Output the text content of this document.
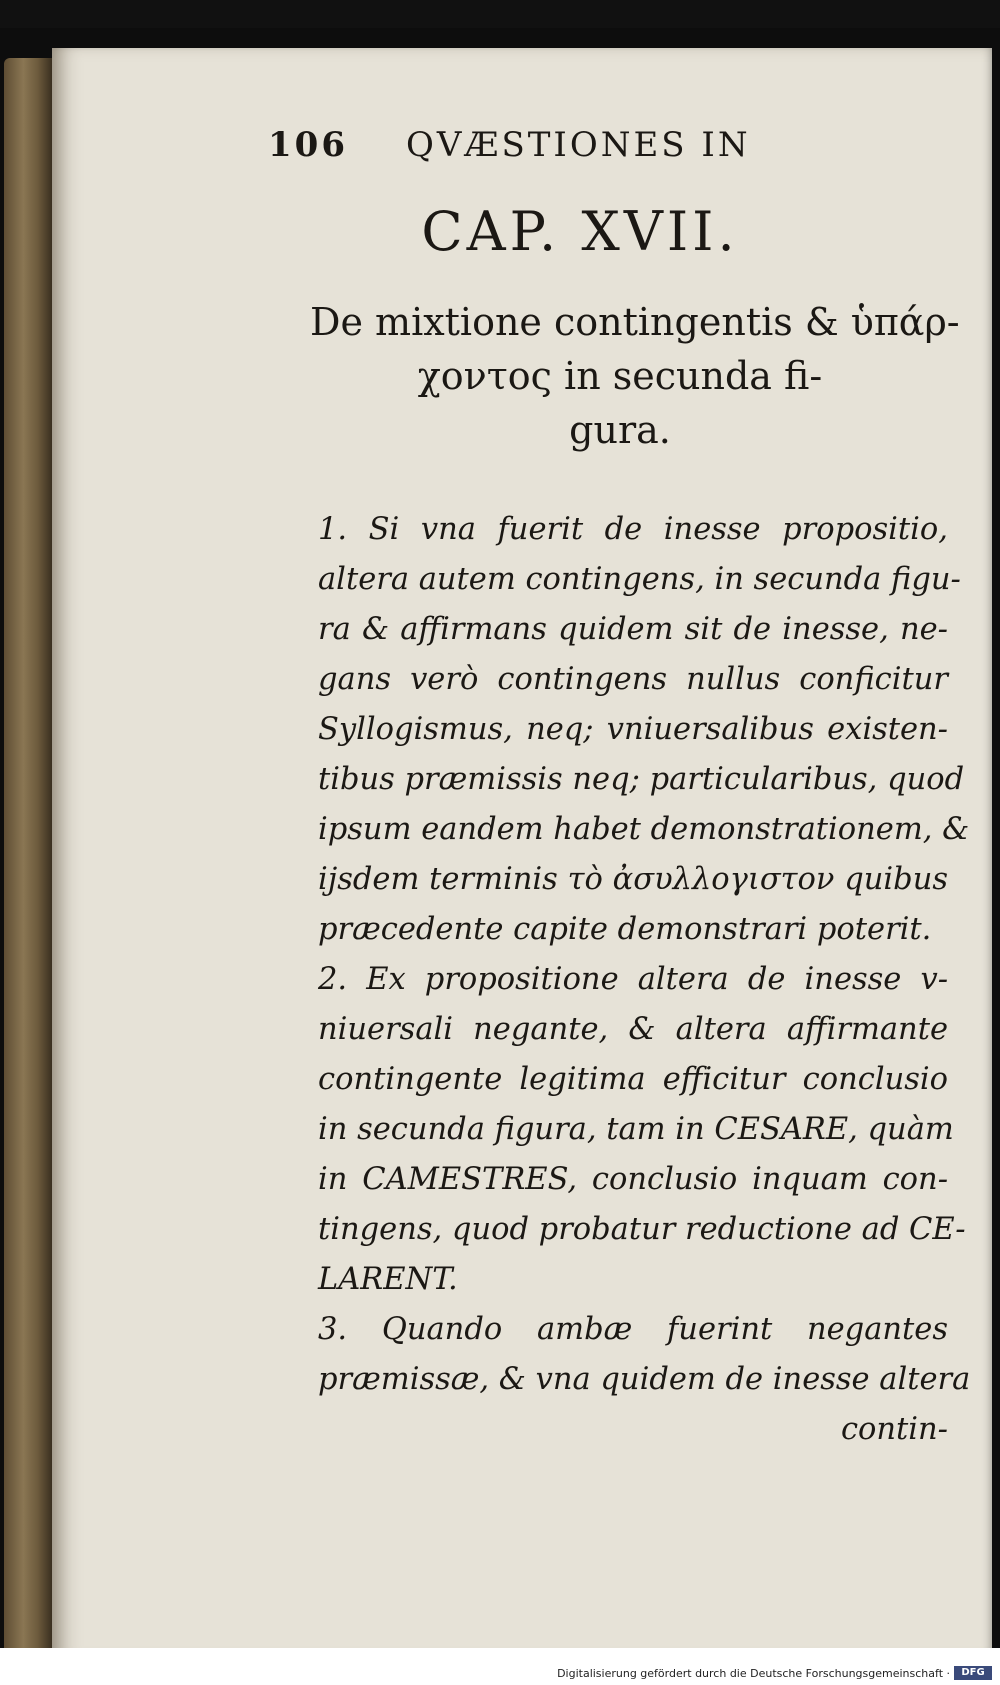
106 QVÆSTIONES IN
CAP. XVII.
De mixtione contingentis & ὑπάρ-
χοντος in secunda fi-
gura.
1. Si vna fuerit de inesse propositio,
altera autem contingens, in secunda figu-
ra & affirmans quidem sit de inesse, ne-
gans verò contingens nullus conficitur
Syllogismus, neq; vniuersalibus existen-
tibus præmissis neq; particularibus, quod
ipsum eandem habet demonstrationem, &
ijsdem terminis τὸ ἀσυλλογιστον quibus
præcedente capite demonstrari poterit.
2. Ex propositione altera de inesse v-
niuersali negante, & altera affirmante
contingente legitima efficitur conclusio
in secunda figura, tam in CESARE, quàm
in CAMESTRES, conclusio inquam con-
tingens, quod probatur reductione ad CE-
LARENT.
3. Quando ambæ fuerint negantes
præmissæ, & vna quidem de inesse altera
contin-
Digitalisierung gefördert durch die Deutsche Forschungsgemeinschaft ·	DFG
